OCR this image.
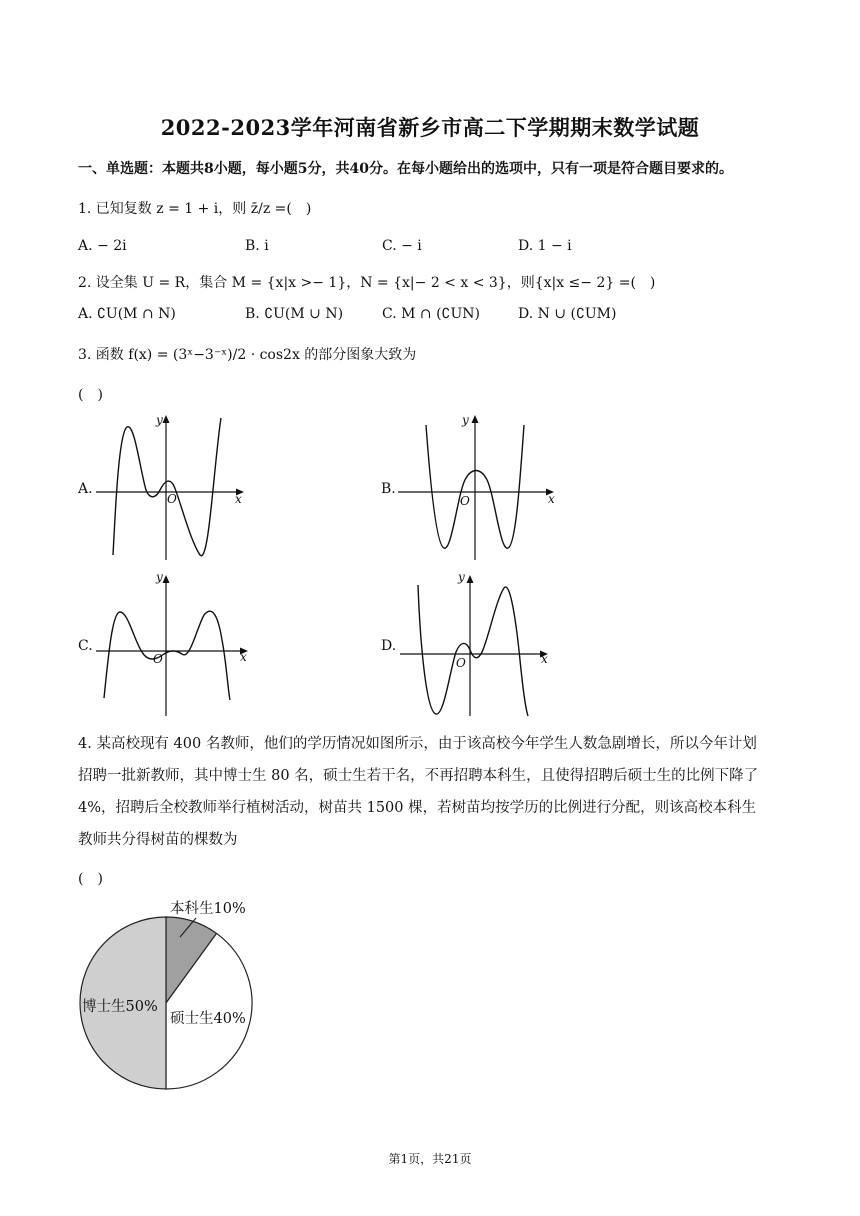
2022-2023学年河南省新乡市高二下学期期末数学试题
一、单选题：本题共8小题，每小题5分，共40分。在每小题给出的选项中，只有一项是符合题目要求的。
1. 已知复数 z = 1 + i，则 z̄/z =(　)
A. − 2i	B. i	C. − i	D. 1 − i
2. 设全集 U = R，集合 M = {x|x >− 1}，N = {x|− 2 < x < 3}，则{x|x ≤− 2} =(　)
A. ∁U(M ∩ N)	B. ∁U(M ∪ N)	C. M ∩ (∁UN)	D. N ∪ (∁UM)
3. 函数 f(x) = (3ˣ−3⁻ˣ)/2 · cos2x 的部分图象大致为
(　)
A.
y
x
O
B.
y
x
O
C.
y
x
O
D.
y
x
O
4. 某高校现有 400 名教师，他们的学历情况如图所示，由于该高校今年学生人数急剧增长，所以今年计划
招聘一批新教师，其中博士生 80 名，硕士生若干名，不再招聘本科生，且使得招聘后硕士生的比例下降了
4%，招聘后全校教师举行植树活动，树苗共 1500 棵，若树苗均按学历的比例进行分配，则该高校本科生
教师共分得树苗的棵数为
(　)
本科生10%
硕士生40%
博士生50%
第1页，共21页
